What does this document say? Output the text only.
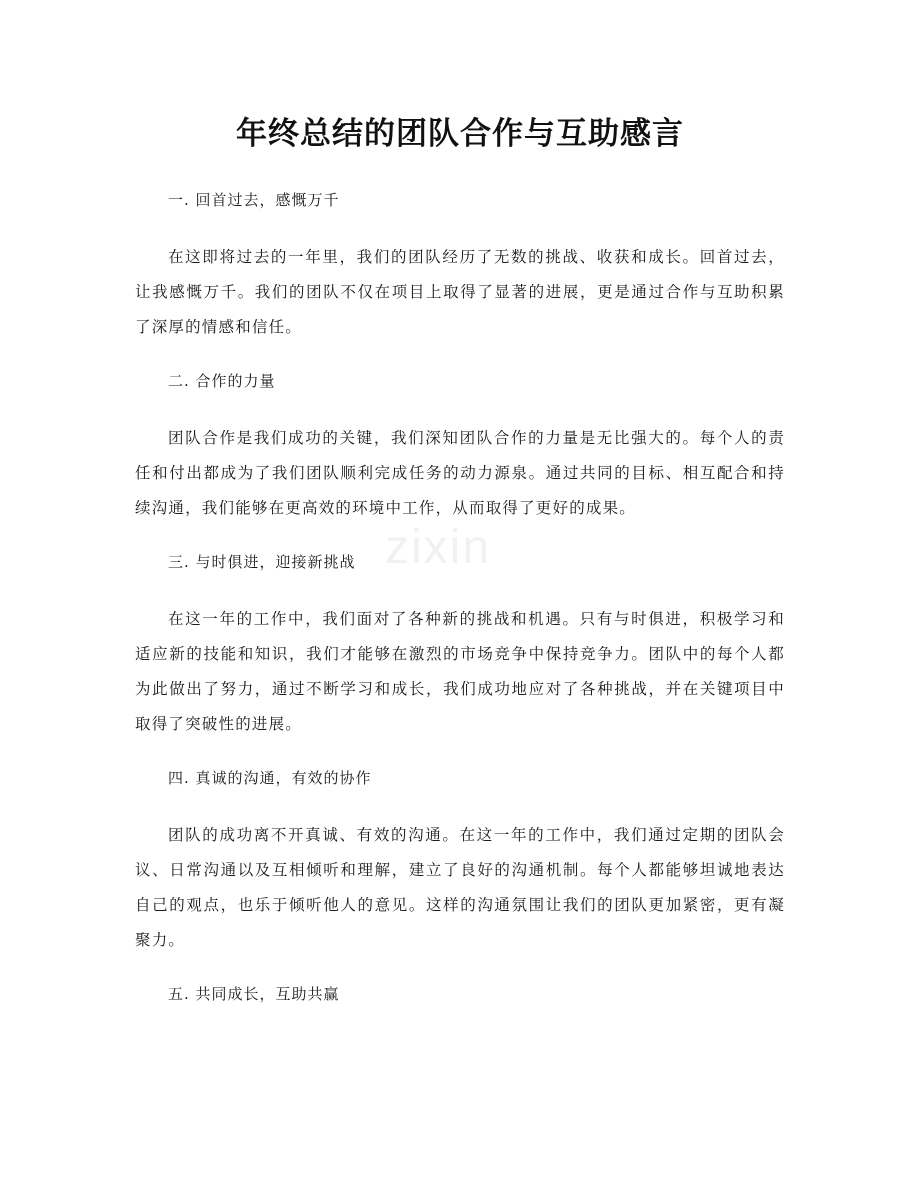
zixin
年终总结的团队合作与互助感言

一. 回首过去，感慨万千

在这即将过去的一年里，我们的团队经历了无数的挑战、收获和成长。回首过去，让我感慨万千。我们的团队不仅在项目上取得了显著的进展，更是通过合作与互助积累了深厚的情感和信任。

二. 合作的力量

团队合作是我们成功的关键，我们深知团队合作的力量是无比强大的。每个人的责任和付出都成为了我们团队顺利完成任务的动力源泉。通过共同的目标、相互配合和持续沟通，我们能够在更高效的环境中工作，从而取得了更好的成果。

三. 与时俱进，迎接新挑战

在这一年的工作中，我们面对了各种新的挑战和机遇。只有与时俱进，积极学习和适应新的技能和知识，我们才能够在激烈的市场竞争中保持竞争力。团队中的每个人都为此做出了努力，通过不断学习和成长，我们成功地应对了各种挑战，并在关键项目中取得了突破性的进展。

四. 真诚的沟通，有效的协作

团队的成功离不开真诚、有效的沟通。在这一年的工作中，我们通过定期的团队会议、日常沟通以及互相倾听和理解，建立了良好的沟通机制。每个人都能够坦诚地表达自己的观点，也乐于倾听他人的意见。这样的沟通氛围让我们的团队更加紧密，更有凝聚力。

五. 共同成长，互助共赢
